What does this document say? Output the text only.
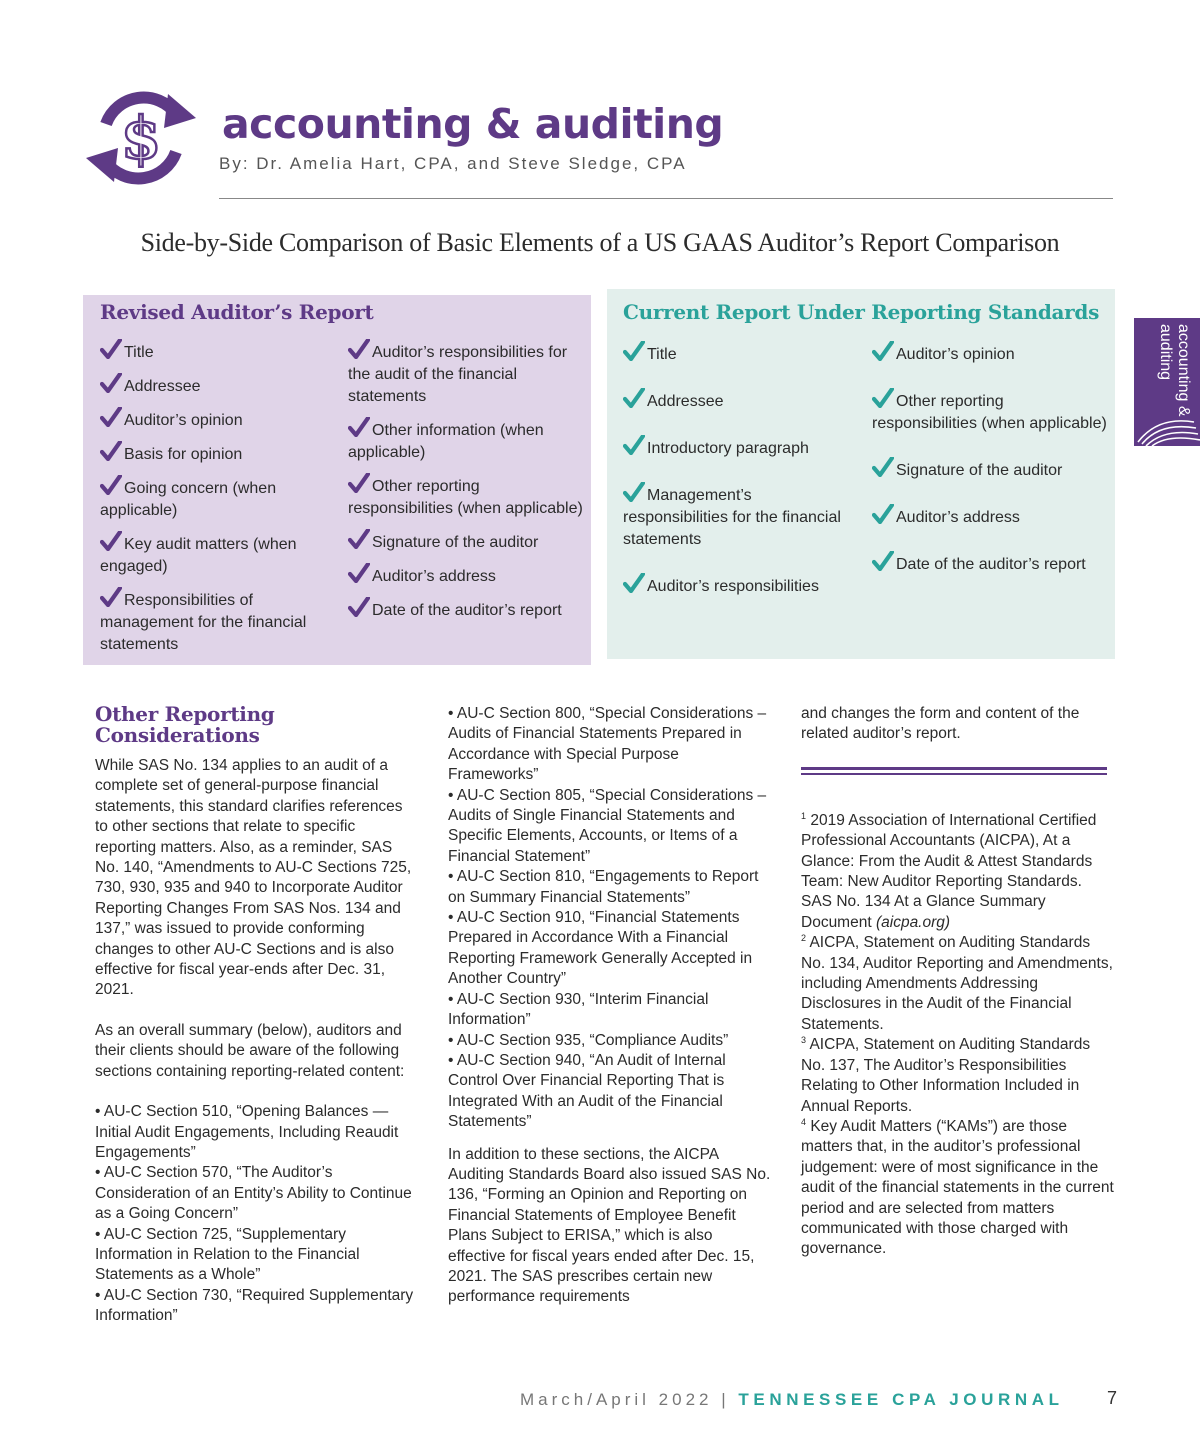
$ accounting & auditing
By: Dr. Amelia Hart, CPA, and Steve Sledge, CPA
Side-by-Side Comparison of Basic Elements of a US GAAS Auditor’s Report Comparison
accounting & auditing
Revised Auditor’s Report
Title
Addressee
Auditor’s opinion
Basis for opinion
Going concern (when applicable)
Key audit matters (when engaged)
Responsibilities of management for the financial statements
Auditor’s responsibilities for the audit of the financial statements
Other information (when applicable)
Other reporting responsibilities (when applicable)
Signature of the auditor
Auditor’s address
Date of the auditor’s report
Current Report Under Reporting Standards
Title
Addressee
Introductory paragraph
Management’s responsibilities for the financial statements
Auditor’s responsibilities
Auditor’s opinion
Other reporting responsibilities (when applicable)
Signature of the auditor
Auditor’s address
Date of the auditor’s report
Other Reporting Considerations

While SAS No. 134 applies to an audit of a complete set of general-purpose financial statements, this standard clarifies references to other sections that relate to specific reporting matters. Also, as a reminder, SAS No. 140, “Amendments to AU-C Sections 725, 730, 930, 935 and 940 to Incorporate Auditor Reporting Changes From SAS Nos. 134 and 137,” was issued to provide conforming changes to other AU-C Sections and is also effective for fiscal year-ends after Dec. 31, 2021.

As an overall summary (below), auditors and their clients should be aware of the following sections containing reporting-related content:

• AU-C Section 510, “Opening Balances — Initial Audit Engagements, Including Reaudit Engagements”

• AU-C Section 570, “The Auditor’s Consideration of an Entity’s Ability to Continue as a Going Concern”

• AU-C Section 725, “Supplementary Information in Relation to the Financial Statements as a Whole”

• AU-C Section 730, “Required Supplementary Information”

• AU-C Section 800, “Special Considerations – Audits of Financial Statements Prepared in Accordance with Special Purpose Frameworks”

• AU-C Section 805, “Special Considerations – Audits of Single Financial Statements and Specific Elements, Accounts, or Items of a Financial Statement”

• AU-C Section 810, “Engagements to Report on Summary Financial Statements”

• AU-C Section 910, “Financial Statements Prepared in Accordance With a Financial Reporting Framework Generally Accepted in Another Country”

• AU-C Section 930, “Interim Financial Information”

• AU-C Section 935, “Compliance Audits”

• AU-C Section 940, “An Audit of Internal Control Over Financial Reporting That is Integrated With an Audit of the Financial Statements”

In addition to these sections, the AICPA Auditing Standards Board also issued SAS No. 136, “Forming an Opinion and Reporting on Financial Statements of Employee Benefit Plans Subject to ERISA,” which is also effective for fiscal years ended after Dec. 15, 2021. The SAS prescribes certain new performance requirements

and changes the form and content of the related auditor’s report.

$^1$ 2019 Association of International Certified Professional Accountants (AICPA), At a Glance: From the Audit & Attest Standards Team: New Auditor Reporting Standards. SAS No. 134 At a Glance Summary Document (aicpa.org)

$^2$ AICPA, Statement on Auditing Standards No. 134, Auditor Reporting and Amendments, including Amendments Addressing Disclosures in the Audit of the Financial Statements.

$^3$ AICPA, Statement on Auditing Standards No. 137, The Auditor’s Responsibilities Relating to Other Information Included in Annual Reports.

$^4$ Key Audit Matters (“KAMs”) are those matters that, in the auditor’s professional judgement: were of most significance in the audit of the financial statements in the current period and are selected from matters communicated with those charged with governance.

March/April 2022 | TENNESSEE CPA JOURNAL 7
